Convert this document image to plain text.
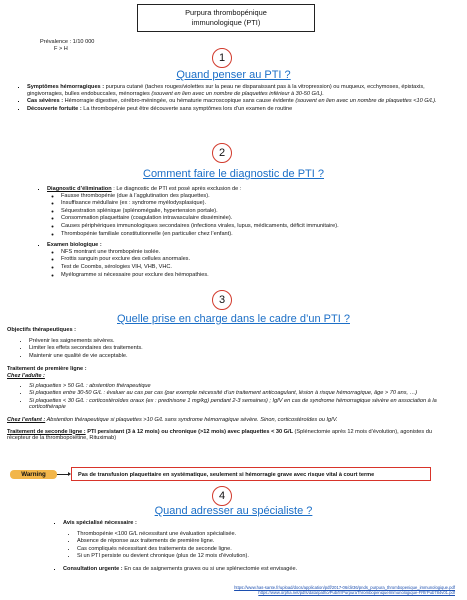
Purpura thrombopénique
immunologique (PTI)
Prévalence : 1/10 000
F > H
1
Quand penser au PTI ?
▪ Symptômes hémorragiques : purpura cutané (taches rouges/violettes sur la peau ne disparaissant pas à la vitropression) ou muqueux, ecchymoses, épistaxis, gingivorragies, bulles endobuccales, ménorragies (souvent en lien avec un nombre de plaquettes inférieur à 30-50 G/L).
▪ Cas sévères : Hémorragie digestive, cérébro-méningée, ou hématurie macroscopique sans cause évidente (souvent en lien avec un nombre de plaquettes <10 G/L).
▪ Découverte fortuite : La thrombopénie peut être découverte sans symptômes lors d’un examen de routine
2
Comment faire le diagnostic de PTI ?
▪ Diagnostic d’élimination : Le diagnostic de PTI est posé après exclusion de :
◦ Fausse thrombopénie (due à l’agglutination des plaquettes).
◦ Insuffisance médullaire (ex : syndrome myélodysplasique).
◦ Séquestration splénique (splénomégalie, hypertension portale).
◦ Consommation plaquettaire (coagulation intravasculaire disséminée).
◦ Causes périphériques immunologiques secondaires (infections virales, lupus, médicaments, déficit immunitaire).
◦ Thrombopénie familiale constitutionnelle (en particulier chez l’enfant).
▪ Examen biologique :
◦ NFS montrant une thrombopénie isolée.
◦ Frottis sanguin pour exclure des cellules anormales.
◦ Test de Coombs, sérologies VIH, VHB, VHC.
◦ Myélogramme si nécessaire pour exclure des hémopathies.
3
Quelle prise en charge dans le cadre d’un PTI ?
Objectifs thérapeutiques :
• Prévenir les saignements sévères.
• Limiter les effets secondaires des traitements.
• Maintenir une qualité de vie acceptable.
Traitement de première ligne :
Chez l’adulte :
• Si plaquettes > 50 G/L : abstention thérapeutique
• Si plaquettes entre 30-50 G/L : évaluer au cas par cas (par exemple nécessité d’un traitement anticoagulant, lésion à risque hémorragique, âge > 70 ans, …)
• Si plaquettes < 30 G/L : corticostéroïdes oraux (ex : prednisone 1 mg/kg) pendant 2-3 semaines) ; IgIV en cas de syndrome hémorragique sévère en association à la corticothérapie
Chez l’enfant : Abstention thérapeutique si plaquettes >10 G/L sans syndrome hémorragique sévère. Sinon, corticostéroïdes ou IgIV.
Traitement de seconde ligne : PTI persistant (3 à 12 mois) ou chronique (>12 mois) avec plaquettes < 30 G/L (Splénectomie après 12 mois d’évolution), agonistes du récepteur de la thrombopoïétine, Rituximab)
Warning	Pas de transfusion plaquettaire en systématique, seulement si hémorragie grave avec risque vital à court terme
4
Quand adresser au spécialiste ?
▪ Avis spécialisé nécessaire :
• Thrombopénie <100 G/L nécessitant une évaluation spécialisée.
• Absence de réponse aux traitements de première ligne.
• Cas compliqués nécessitant des traitements de seconde ligne.
• Si un PTI persiste ou devient chronique (plus de 12 mois d’évolution).
▪ Consultation urgente : En cas de saignements graves ou si une splénectomie est envisagée.
https://www.has-sante.fr/upload/docs/application/pdf/2017-06/dir36/pnds_purpura_thrombopenique_immunologique.pdf
https://www.orpha.net/pdfs/data/patho/Pub/fr/PurpuraThrombopeniqueImmunologique-FRfrPub784v01.pdf
